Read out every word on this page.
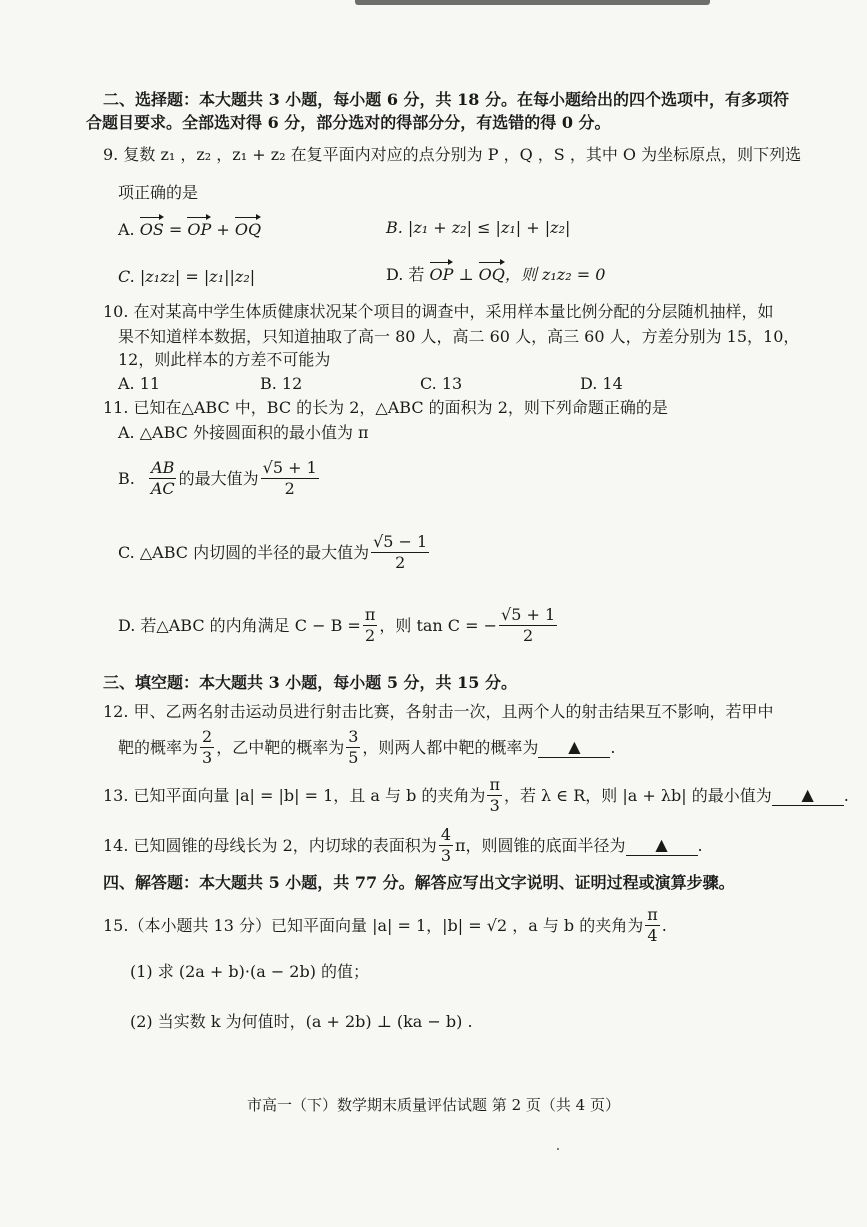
二、选择题：本大题共 3 小题，每小题 6 分，共 18 分。在每小题给出的四个选项中，有多项符
合题目要求。全部选对得 6 分，部分选对的得部分分，有选错的得 0 分。
9. 复数 z₁ ，z₂ ，z₁ + z₂ 在复平面内对应的点分别为 P ，Q ，S ，其中 O 为坐标原点，则下列选
项正确的是
A. OS = OP + OQ	B. |z₁ + z₂| ≤ |z₁| + |z₂|
C. |z₁z₂| = |z₁||z₂|	D. 若 OP ⊥ OQ，则 z₁z₂ = 0
10. 在对某高中学生体质健康状况某个项目的调查中，采用样本量比例分配的分层随机抽样，如
果不知道样本数据，只知道抽取了高一 80 人，高二 60 人，高三 60 人，方差分别为 15，10，
12，则此样本的方差不可能为
A. 11	B. 12	C. 13	D. 14
11. 已知在△ABC 中，BC 的长为 2，△ABC 的面积为 2，则下列命题正确的是
A. △ABC 外接圆面积的最小值为 π
B. $\frac{AB}{AC}$ 的最大值为 $\frac{√5 + 1}{2}$
C. △ABC 内切圆的半径的最大值为 $\frac{√5 - 1}{2}$
D. 若△ABC 的内角满足 $C - B = \frac{\pi}{2}$ ，则 tan C = − $\frac{√5 + 1}{2}$
三、填空题：本大题共 3 小题，每小题 5 分，共 15 分。
12. 甲、乙两名射击运动员进行射击比赛，各射击一次，且两个人的射击结果互不影响，若甲中
靶的概率为 $\frac{2}{3}$ ，乙中靶的概率为 $\frac{3}{5}$ ，则两人都中靶的概率为	▲	.
13. 已知平面向量 |a| = |b| = 1，且 a 与 b 的夹角为 $\frac{\pi}{3}$ ，若 λ ∈ R，则 |a + λb| 的最小值为	▲	.
14. 已知圆锥的母线长为 2，内切球的表面积为 $\frac{4}{3}$ π，则圆锥的底面半径为	▲	.
四、解答题：本大题共 5 小题，共 77 分。解答应写出文字说明、证明过程或演算步骤。
15.（本小题共 13 分）已知平面向量 |a| = 1，|b| = √2 ，a 与 b 的夹角为 $\frac{\pi}{4}$ .
(1) 求 (2a + b)·(a − 2b) 的值；
(2) 当实数 k 为何值时，(a + 2b) ⊥ (ka − b) .
市高一（下）数学期末质量评估试题 第 2 页（共 4 页）
